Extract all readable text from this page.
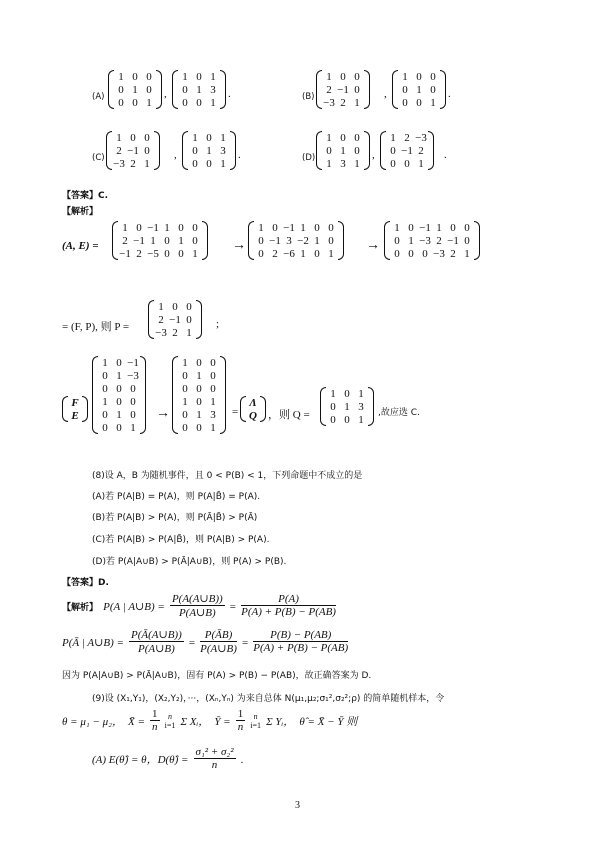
(A)
1	0	0
0	1	0
0	0	1
,
1	0	1
0	1	3
0	0	1
.	(B)
1	0	0
2	−1	0
−3	2	1
,
1	0	0
0	1	0
0	0	1
.
(C)
1	0	0
2	−1	0
−3	2	1
,
1	0	1
0	1	3
0	0	1
.	(D)
1	0	0
0	1	0
1	3	1
,
1	2	−3
0	−1	2
0	0	1
.
【答案】C.
【解析】
(A, E) =
1	0	−1	1	0	0
2	−1	1	0	1	0
−1	2	−5	0	0	1
→
1	0	−1	1	0	0
0	−1	3	−2	1	0
0	2	−6	1	0	1
→
1	0	−1	1	0	0
0	1	−3	2	−1	0
0	0	0	−3	2	1
= (F, P), 则 P =
1	0	0
2	−1	0
−3	2	1
;
F
E
1	0	−1
0	1	−3
0	0	0
1	0	0
0	1	0
0	0	1
→
1	0	0
0	1	0
0	0	0
1	0	1
0	1	3
0	0	1
=
Λ
Q ，则 Q =
1	0	1
0	1	3
0	0	1
,故应选 C.
(8)设 A，B 为随机事件，且 0 < P(B) < 1，下列命题中不成立的是
(A)若 P(A|B) = P(A)，则 P(A|B̄) = P(A).
(B)若 P(A|B) > P(A)，则 P(Ā|B̄) > P(Ā)
(C)若 P(A|B) > P(A|B̄)，则 P(A|B) > P(A).
(D)若 P(A|A∪B) > P(Ā|A∪B)，则 P(A) > P(B).
【答案】D.
【解析】 P(A | A∪B) = $\frac{P(A(A\cup B))}{P(A\cup B)} = \frac{P(A)}{P(A) + P(B) - P(AB)}$
P(Ā | A∪B) = $\frac{P(Ā(A\cup B))}{P(A\cup B)} = \frac{P(ĀB)}{P(A\cup B)} = \frac{P(B) - P(AB)}{P(A) + P(B) - P(AB)}$
因为 P(A|A∪B) > P(Ā|A∪B)，固有 P(A) > P(B) − P(AB)，故正确答案为 D.
(9)设 (X₁,Y₁)，(X₂,Y₂)，···，(Xₙ,Yₙ) 为来自总体 N(μ₁,μ₂;σ₁²,σ₂²;ρ) 的简单随机样本，令
θ = μ₁ − μ₂， X̄ = $\frac{1}{n}$
	n
i=1 Σ Xᵢ， Ȳ = $\frac{1}{n}$
	n
i=1 Σ Yᵢ， θ̂ = X̄ − Ȳ 则
(A) E(θ̂) = θ，D(θ̂) = $\frac{\text{σ₁² + σ₂²}}{n}$ .
3
